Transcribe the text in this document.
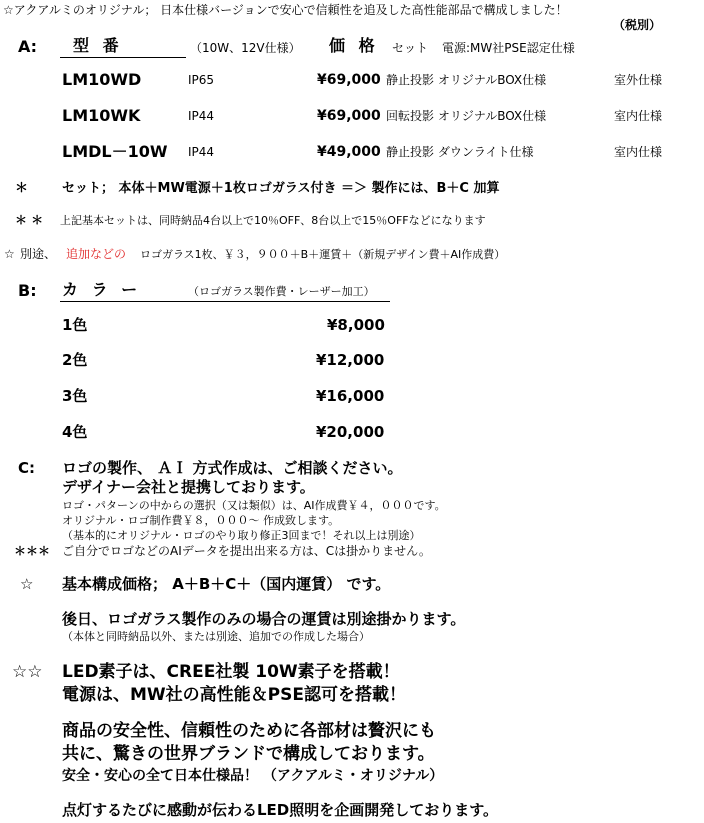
☆アクアルミのオリジナル； 日本仕様バージョンで安心で信頼性を追及した高性能部品で構成しました！
（税別）
A: 型 番	（10W、12V仕様） 価 格 セット 電源:MW社PSE認定仕様
LM10WD	IP65	¥69,000 静止投影 オリジナルBOX仕様	室外仕様
LM10WK	IP44	¥69,000 回転投影 オリジナルBOX仕様	室内仕様
LMDL－10W IP44	¥49,000 静止投影 ダウンライト仕様	室内仕様
＊	セット； 本体＋MW電源＋1枚ロゴガラス付き ＝＞ 製作には、B＋C 加算
＊ ＊ 上記基本セットは、同時納品4台以上で10％OFF、8台以上で15％OFFなどになります
☆ 別途、 追加などの ロゴガラス1枚、￥３，９００＋B＋運賃＋（新規デザイン費＋AI作成費）
B: カ ラ ー	（ロゴガラス製作費・レーザー加工）
1色	¥8,000
2色	¥12,000
3色	¥16,000
4色	¥20,000
C: ロゴの製作、 ＡＩ 方式作成は、ご相談ください。
デザイナー会社と提携しております。
ロゴ・パターンの中からの選択（又は類似）は、AI作成費￥４，０００です。
オリジナル・ロゴ制作費￥８，０００～ 作成致します。
（基本的にオリジナル・ロゴのやり取り修正3回まで！それ以上は別途）
＊＊＊ ご自分でロゴなどのAIデータを提出出来る方は、Cは掛かりません。
☆ 基本構成価格； A＋B＋C＋（国内運賃） です。
後日、ロゴガラス製作のみの場合の運賃は別途掛かります。
（本体と同時納品以外、または別途、追加での作成した場合）
☆☆ LED素子は、CREE社製 10W素子を搭載！
電源は、MW社の高性能＆PSE認可を搭載！
商品の安全性、信頼性のために各部材は贅沢にも
共に、驚きの世界ブランドで構成しております。
安全・安心の全て日本仕様品！ （アクアルミ・オリジナル）
点灯するたびに感動が伝わるLED照明を企画開発しております。
